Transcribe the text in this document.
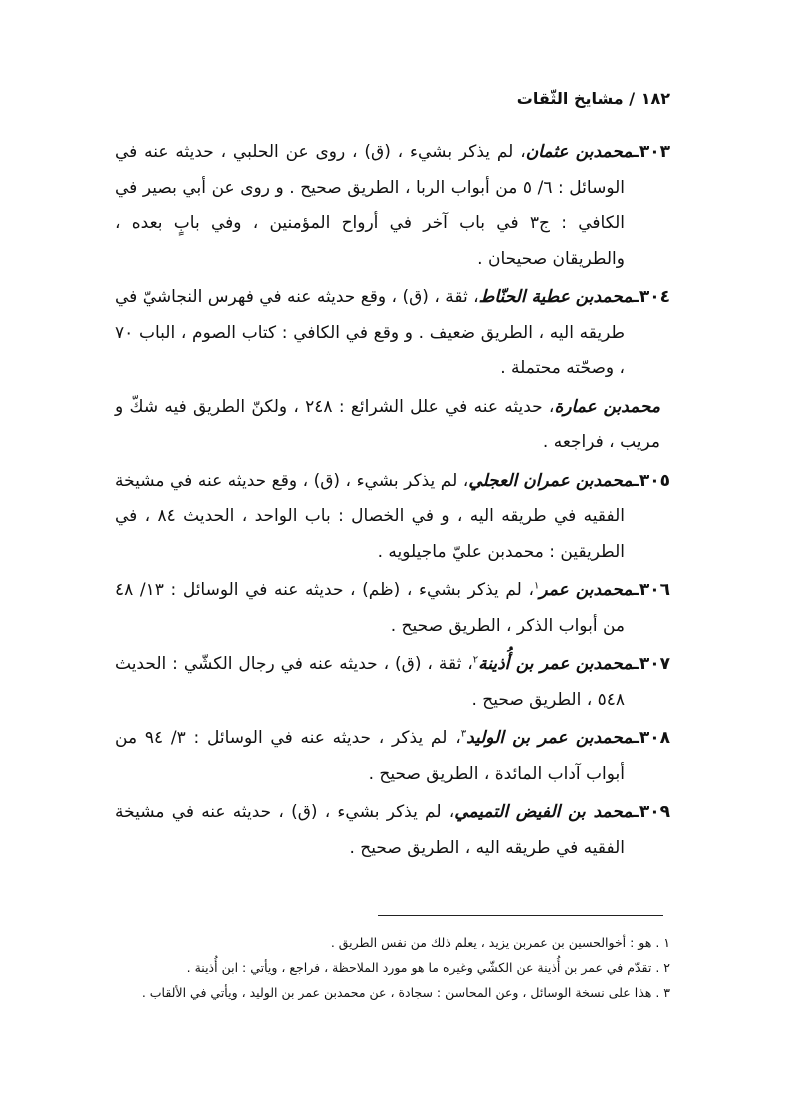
١٨٢ / مشايخ الثّقات

٣٠٣ـمحمدبن عثمان، لم يذكر بشيء ، (ق) ، روى عن الحلبي ، حديثه عنه في الوسائل : ٦/ ٥ من أبواب الربا ، الطريق صحيح . و روى عن أبي بصير في الكافي : ج٣ في باب آخر في أرواح المؤمنين ، وفي بابٍ بعده ، والطريقان صحيحان .

٣٠٤ـمحمدبن عطية الحنّاط، ثقة ، (ق) ، وقع حديثه عنه في فهرس النجاشيّ في طريقه اليه ، الطريق ضعيف . و وقع في الكافي : كتاب الصوم ، الباب ٧٠ ، وصحّته محتملة .

محمدبن عمارة، حديثه عنه في علل الشرائع : ٢٤٨ ، ولكنّ الطريق فيه شكّ و مريب ، فراجعه .

٣٠٥ـمحمدبن عمران العجلي، لم يذكر بشيء ، (ق) ، وقع حديثه عنه في مشيخة الفقيه في طريقه اليه ، و في الخصال : باب الواحد ، الحديث ٨٤ ، في الطريقين : محمدبن عليّ ماجيلويه .

٣٠٦ـمحمدبن عمر$^١$، لم يذكر بشيء ، (ظم) ، حديثه عنه في الوسائل : ١٣/ ٤٨ من أبواب الذكر ، الطريق صحيح .

٣٠٧ـمحمدبن عمر بن أُذينة$^٢$، ثقة ، (ق) ، حديثه عنه في رجال الكشّي : الحديث ٥٤٨ ، الطريق صحيح .

٣٠٨ـمحمدبن عمر بن الوليد$^٣$، لم يذكر ، حديثه عنه في الوسائل : ٣/ ٩٤ من أبواب آداب المائدة ، الطريق صحيح .

٣٠٩ـمحمد بن الفيض التميمي، لم يذكر بشيء ، (ق) ، حديثه عنه في مشيخة الفقيه في طريقه اليه ، الطريق صحيح .

١ . هو : أخوالحسين بن عمربن يزيد ، يعلم ذلك من نفس الطريق .

٢ . تقدّم في عمر بن أُذينة عن الكشّي وغيره ما هو مورد الملاحظة ، فراجع ، ويأتي : ابن أُذينة .

٣ . هذا على نسخة الوسائل ، وعن المحاسن : سجادة ، عن محمدبن عمر بن الوليد ، ويأتي في الألقاب .
